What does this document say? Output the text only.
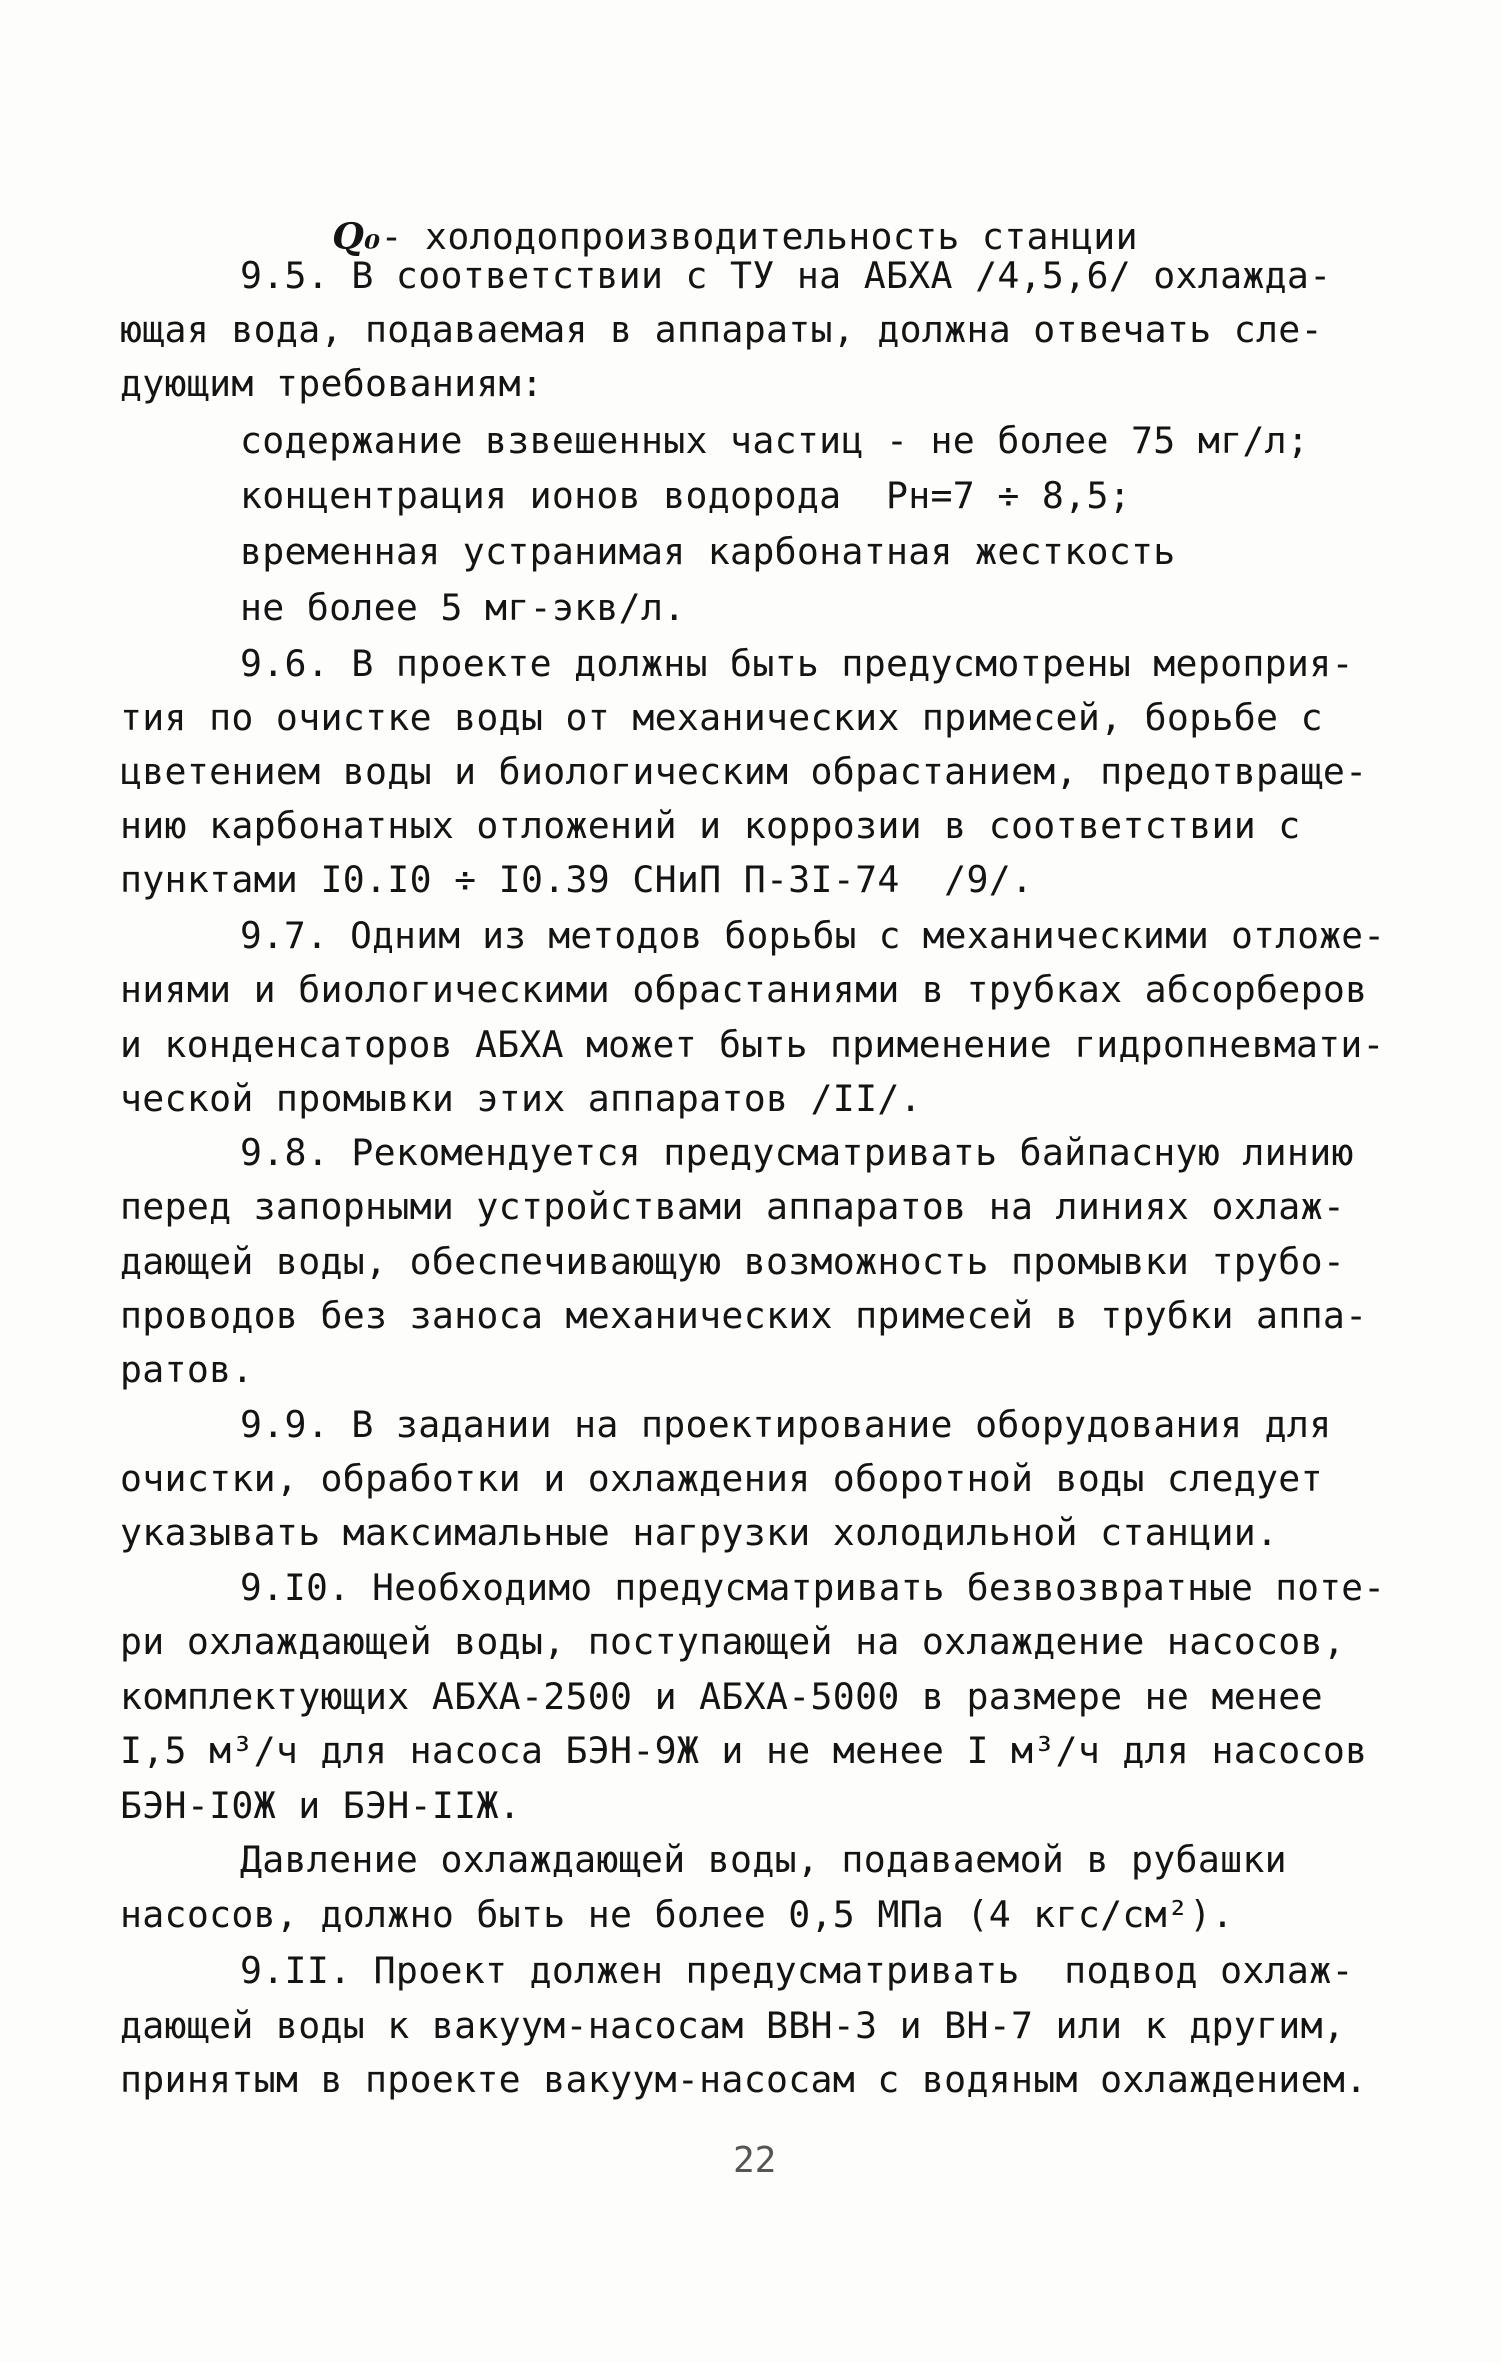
Q₀- холодопроизводительность станции

9.5. В соответствии с ТУ на АБХА /4,5,6/ охлажда-
ющая вода, подаваемая в аппараты, должна отвечать сле-
дующим требованиям:
содержание взвешенных частиц - не более 75 мг/л;
концентрация ионов водорода  Рн=7 ÷ 8,5;
временная устранимая карбонатная жесткость
не более 5 мг-экв/л.
9.6. В проекте должны быть предусмотрены мероприя-
тия по очистке воды от механических примесей, борьбе с
цветением воды и биологическим обрастанием, предотвраще-
нию карбонатных отложений и коррозии в соответствии с
пунктами I0.I0 ÷ I0.39 СНиП П-3I-74  /9/.
9.7. Одним из методов борьбы с механическими отложе-
ниями и биологическими обрастаниями в трубках абсорберов
и конденсаторов АБХА может быть применение гидропневмати-
ческой промывки этих аппаратов /II/.
9.8. Рекомендуется предусматривать байпасную линию
перед запорными устройствами аппаратов на линиях охлаж-
дающей воды, обеспечивающую возможность промывки трубо-
проводов без заноса механических примесей в трубки аппа-
ратов.
9.9. В задании на проектирование оборудования для
очистки, обработки и охлаждения оборотной воды следует
указывать максимальные нагрузки холодильной станции.
9.I0. Необходимо предусматривать безвозвратные поте-
ри охлаждающей воды, поступающей на охлаждение насосов,
комплектующих АБХА-2500 и АБХА-5000 в размере не менее
I,5 м³/ч для насоса БЭН-9Ж и не менее I м³/ч для насосов
БЭН-I0Ж и БЭН-IIЖ.
Давление охлаждающей воды, подаваемой в рубашки
насосов, должно быть не более 0,5 МПа (4 кгс/см²).
9.II. Проект должен предусматривать  подвод охлаж-
дающей воды к вакуум-насосам ВВН-3 и ВН-7 или к другим,
принятым в проекте вакуум-насосам с водяным охлаждением.
22
